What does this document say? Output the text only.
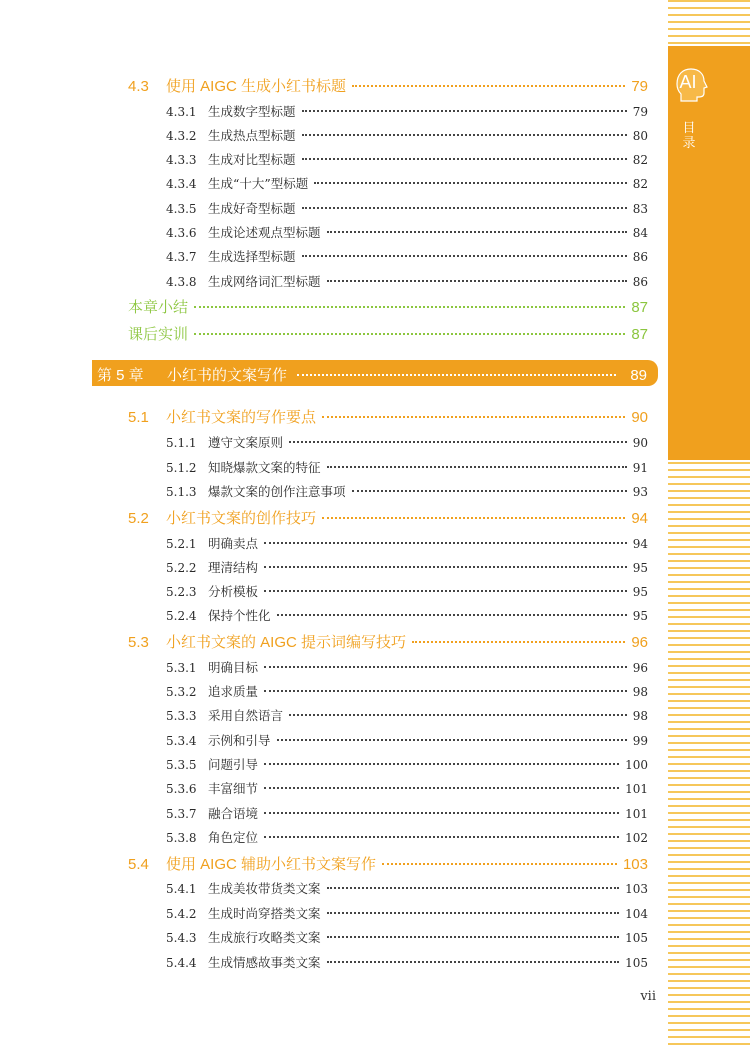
AI
目录
4.3	使用 AIGC 生成小红书标题	79
4.3.1 生成数字型标题	79
4.3.2 生成热点型标题	80
4.3.3 生成对比型标题	82
4.3.4 生成“十大”型标题	82
4.3.5 生成好奇型标题	83
4.3.6 生成论述观点型标题	84
4.3.7 生成选择型标题	86
4.3.8 生成网络词汇型标题	86
本章小结	87
课后实训	87
第 5 章	小红书的文案写作	89
5.1	小红书文案的写作要点	90
5.1.1 遵守文案原则	90
5.1.2 知晓爆款文案的特征	91
5.1.3 爆款文案的创作注意事项	93
5.2	小红书文案的创作技巧	94
5.2.1 明确卖点	94
5.2.2 理清结构	95
5.2.3 分析模板	95
5.2.4 保持个性化	95
5.3	小红书文案的 AIGC 提示词编写技巧	96
5.3.1 明确目标	96
5.3.2 追求质量	98
5.3.3 采用自然语言	98
5.3.4 示例和引导	99
5.3.5 问题引导	100
5.3.6 丰富细节	101
5.3.7 融合语境	101
5.3.8 角色定位	102
5.4	使用 AIGC 辅助小红书文案写作	103
5.4.1 生成美妆带货类文案	103
5.4.2 生成时尚穿搭类文案	104
5.4.3 生成旅行攻略类文案	105
5.4.4 生成情感故事类文案	105
vii
